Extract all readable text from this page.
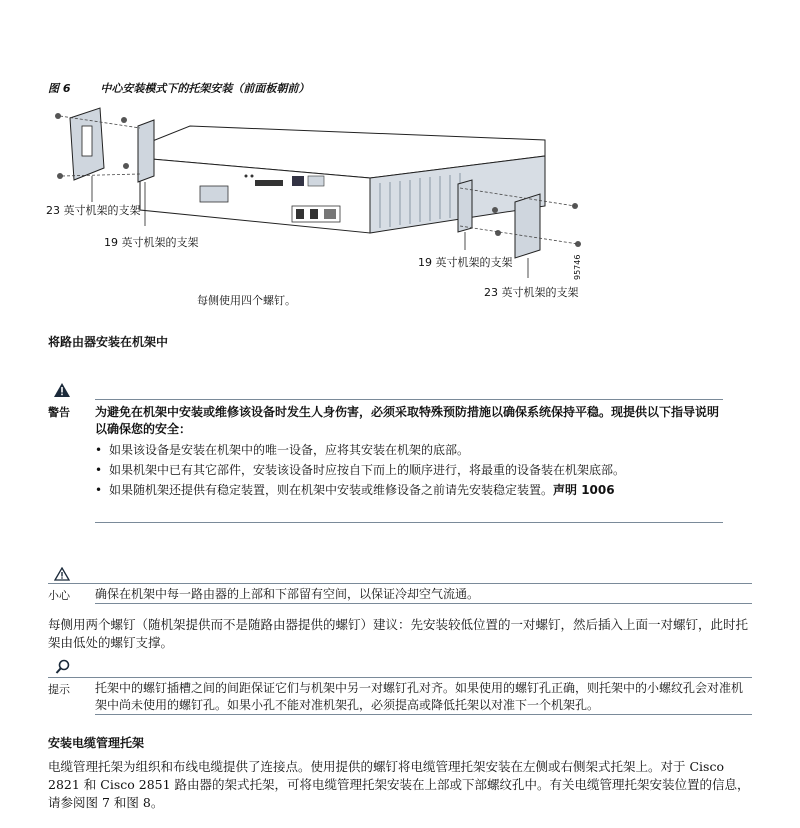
图 6	中心安装模式下的托架安装（前面板朝前）
23 英寸机架的支架
19 英寸机架的支架
19 英寸机架的支架
23 英寸机架的支架
每侧使用四个螺钉。
95746
将路由器安装在机架中
警告 为避免在机架中安装或维修该设备时发生人身伤害，必须采取特殊预防措施以确保系统保持平稳。现提供以下指导说明以确保您的安全：
• 如果该设备是安装在机架中的唯一设备，应将其安装在机架的底部。
• 如果机架中已有其它部件，安装该设备时应按自下而上的顺序进行，将最重的设备装在机架底部。
• 如果随机架还提供有稳定装置，则在机架中安装或维修设备之前请先安装稳定装置。声明 1006
小心 确保在机架中每一路由器的上部和下部留有空间，以保证冷却空气流通。
每侧用两个螺钉（随机架提供而不是随路由器提供的螺钉）建议：先安装较低位置的一对螺钉，然后插入上面一对螺钉，此时托架由低处的螺钉支撑。
提示 托架中的螺钉插槽之间的间距保证它们与机架中另一对螺钉孔对齐。如果使用的螺钉孔正确，则托架中的小螺纹孔会对准机架中尚未使用的螺钉孔。如果小孔不能对准机架孔，必须提高或降低托架以对准下一个机架孔。
安装电缆管理托架
电缆管理托架为组织和布线电缆提供了连接点。使用提供的螺钉将电缆管理托架安装在左侧或右侧架式托架上。对于 Cisco 2821 和 Cisco 2851 路由器的架式托架，可将电缆管理托架安装在上部或下部螺纹孔中。有关电缆管理托架安装位置的信息，请参阅图 7 和图 8。
